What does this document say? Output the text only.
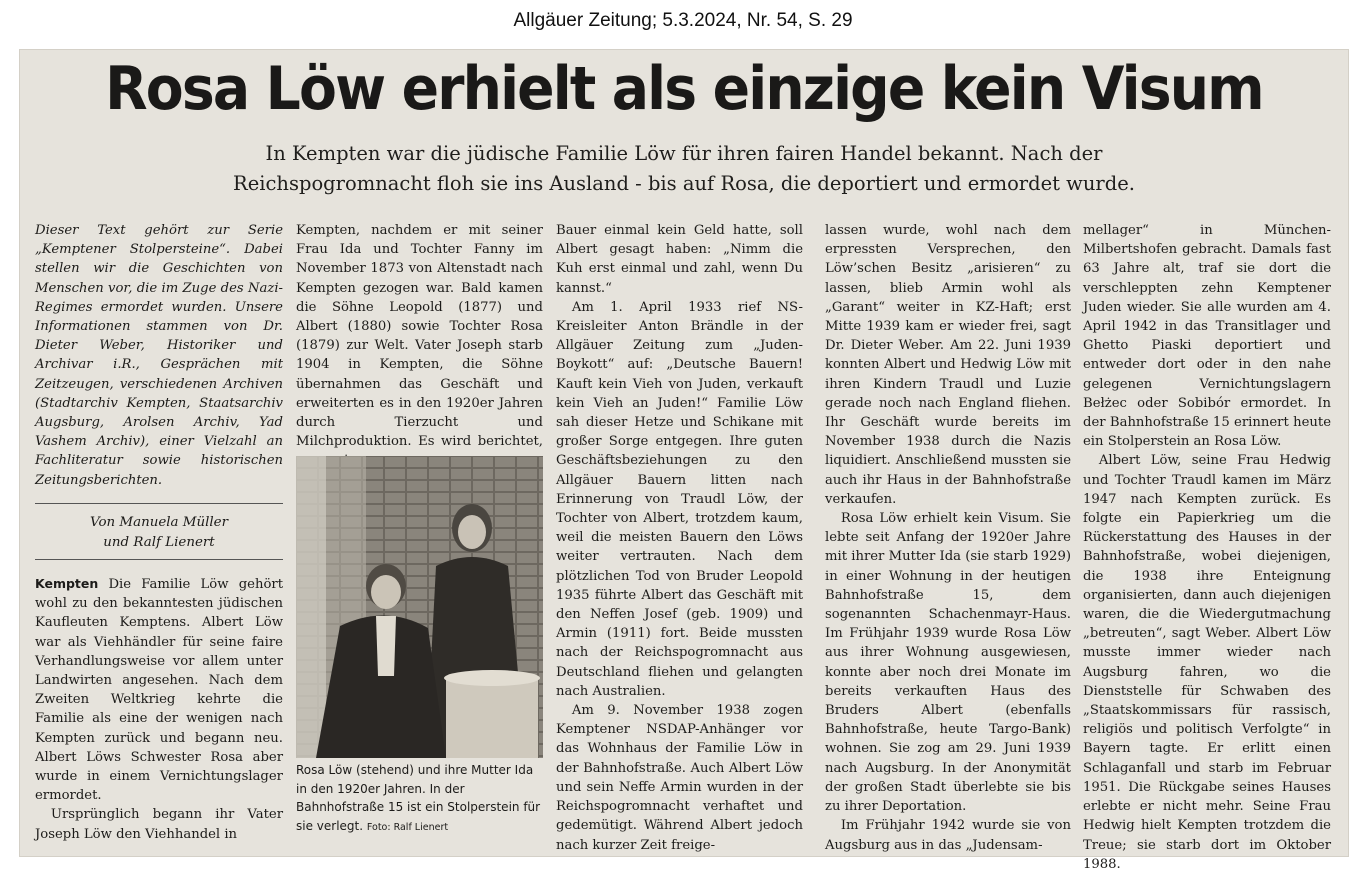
Allgäuer Zeitung; 5.3.2024, Nr. 54, S. 29
Rosa Löw erhielt als einzige kein Visum
In Kempten war die jüdische Familie Löw für ihren fairen Handel bekannt. Nach der
Reichspogromnacht floh sie ins Ausland - bis auf Rosa, die deportiert und ermordet wurde.

Dieser Text gehört zur Serie „Kemptener Stolpersteine“. Dabei stellen wir die Geschichten von Menschen vor, die im Zuge des Nazi-Regimes ermordet wurden. Unsere Informationen stammen von Dr. Dieter Weber, Historiker und Archivar i.R., Gesprächen mit Zeitzeugen, verschiedenen Archiven (Stadtarchiv Kempten, Staatsarchiv Augsburg, Arolsen Archiv, Yad Vashem Archiv), einer Vielzahl an Fachliteratur sowie historischen Zeitungsberichten.

Von Manuela Müller
und Ralf Lienert

Kempten Die Familie Löw gehört wohl zu den bekanntesten jüdischen Kaufleuten Kemptens. Albert Löw war als Viehhändler für seine faire Verhandlungsweise vor allem unter Landwirten angesehen. Nach dem Zweiten Weltkrieg kehrte die Familie als eine der wenigen nach Kempten zurück und begann neu. Albert Löws Schwester Rosa aber wurde in einem Vernichtungslager ermordet.

Ursprünglich begann ihr Vater Joseph Löw den Viehhandel in

Kempten, nachdem er mit seiner Frau Ida und Tochter Fanny im November 1873 von Altenstadt nach Kempten gezogen war. Bald kamen die Söhne Leopold (1877) und Albert (1880) sowie Tochter Rosa (1879) zur Welt. Vater Joseph starb 1904 in Kempten, die Söhne übernahmen das Geschäft und erweiterten es in den 1920er Jahren durch Tierzucht und Milchproduktion. Es wird berichtet,

Rosa Löw (stehend) und ihre Mutter Ida in den 1920er Jahren. In der Bahnhofstraße 15 ist ein Stolperstein für sie verlegt. Foto: Ralf Lienert

Bauer einmal kein Geld hatte, soll Albert gesagt haben: „Nimm die Kuh erst einmal und zahl, wenn Du kannst.“

Am 1. April 1933 rief NS-Kreisleiter Anton Brändle in der Allgäuer Zeitung zum „Juden-Boykott“ auf: „Deutsche Bauern! Kauft kein Vieh von Juden, verkauft kein Vieh an Juden!“ Familie Löw sah dieser Hetze und Schikane mit großer Sorge entgegen. Ihre guten Geschäftsbeziehungen zu den Allgäuer Bauern litten nach Erinnerung von Traudl Löw, der Tochter von Albert, trotzdem kaum, weil die meisten Bauern den Löws weiter vertrauten. Nach dem plötzlichen Tod von Bruder Leopold 1935 führte Albert das Geschäft mit den Neffen Josef (geb. 1909) und Armin (1911) fort. Beide mussten nach der Reichspogromnacht aus Deutschland fliehen und gelangten nach Australien.

Am 9. November 1938 zogen Kemptener NSDAP-Anhänger vor das Wohnhaus der Familie Löw in der Bahnhofstraße. Auch Albert Löw und sein Neffe Armin wurden in der Reichspogromnacht verhaftet und gedemütigt. Während Albert jedoch nach kurzer Zeit freige-

lassen wurde, wohl nach dem erpressten Versprechen, den Löw’schen Besitz „arisieren“ zu lassen, blieb Armin wohl als „Garant“ weiter in KZ-Haft; erst Mitte 1939 kam er wieder frei, sagt Dr. Dieter Weber. Am 22. Juni 1939 konnten Albert und Hedwig Löw mit ihren Kindern Traudl und Luzie gerade noch nach England fliehen. Ihr Geschäft wurde bereits im November 1938 durch die Nazis liquidiert. Anschließend mussten sie auch ihr Haus in der Bahnhofstraße verkaufen.

Rosa Löw erhielt kein Visum. Sie lebte seit Anfang der 1920er Jahre mit ihrer Mutter Ida (sie starb 1929) in einer Wohnung in der heutigen Bahnhofstraße 15, dem sogenannten Schachenmayr-Haus. Im Frühjahr 1939 wurde Rosa Löw aus ihrer Wohnung ausgewiesen, konnte aber noch drei Monate im bereits verkauften Haus des Bruders Albert (ebenfalls Bahnhofstraße, heute Targo-Bank) wohnen. Sie zog am 29. Juni 1939 nach Augsburg. In der Anonymität der großen Stadt überlebte sie bis zu ihrer Deportation.

Im Frühjahr 1942 wurde sie von Augsburg aus in das „Judensam-

mellager“ in München-Milbertshofen gebracht. Damals fast 63 Jahre alt, traf sie dort die verschleppten zehn Kemptener Juden wieder. Sie alle wurden am 4. April 1942 in das Transitlager und Ghetto Piaski deportiert und entweder dort oder in den nahe gelegenen Vernichtungslagern Bełżec oder Sobibór ermordet. In der Bahnhofstraße 15 erinnert heute ein Stolperstein an Rosa Löw.

Albert Löw, seine Frau Hedwig und Tochter Traudl kamen im März 1947 nach Kempten zurück. Es folgte ein Papierkrieg um die Rückerstattung des Hauses in der Bahnhofstraße, wobei diejenigen, die 1938 ihre Enteignung organisierten, dann auch diejenigen waren, die die Wiedergutmachung „betreuten“, sagt Weber. Albert Löw musste immer wieder nach Augsburg fahren, wo die Dienststelle für Schwaben des „Staatskommissars für rassisch, religiös und politisch Verfolgte“ in Bayern tagte. Er erlitt einen Schlaganfall und starb im Februar 1951. Die Rückgabe seines Hauses erlebte er nicht mehr. Seine Frau Hedwig hielt Kempten trotzdem die Treue; sie starb dort im Oktober 1988.
